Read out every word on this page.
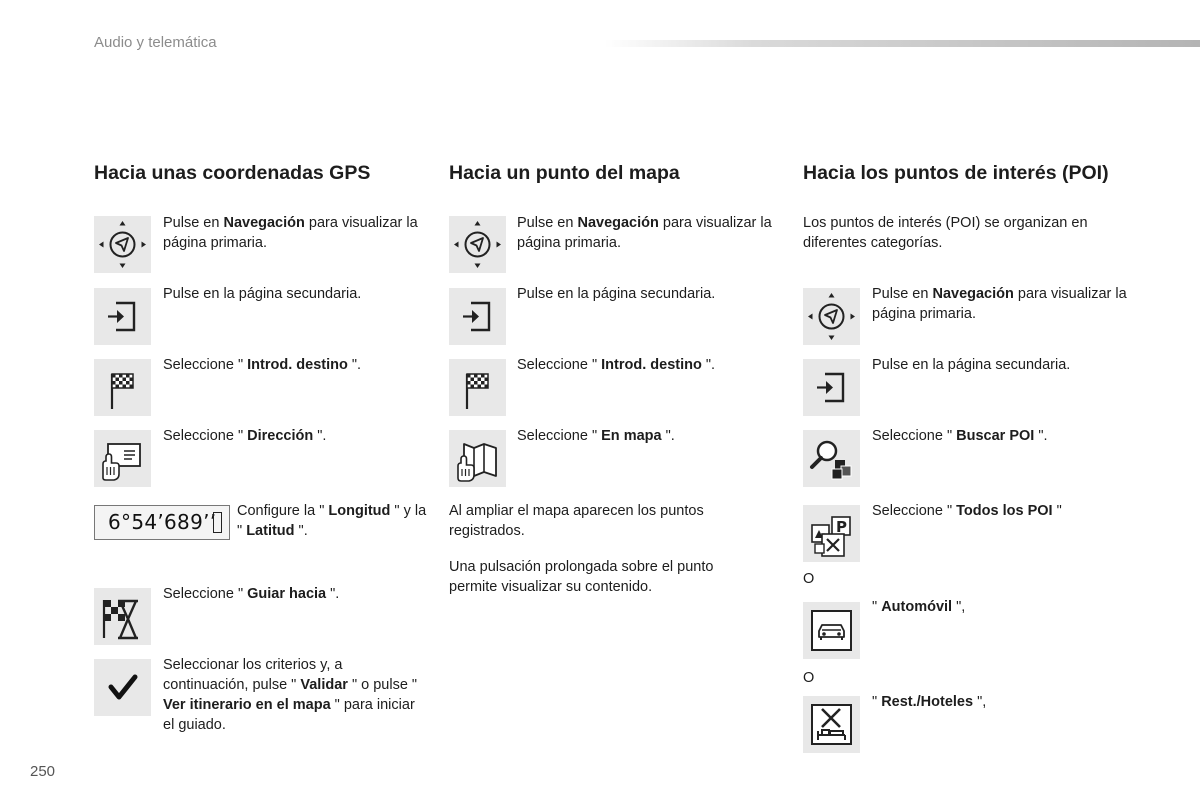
Audio y telemática
Hacia unas coordenadas GPS
Pulse en Navegación para visualizar la página primaria.
Pulse en la página secundaria.
Seleccione " Introd. destino ".
Seleccione " Dirección ".
6°54’689’’	Configure la " Longitud " y la " Latitud ".
Seleccione " Guiar hacia ".
Seleccionar los criterios y, a continuación, pulse " Validar " o pulse " Ver itinerario en el mapa " para iniciar el guiado.
Hacia un punto del mapa
Pulse en Navegación para visualizar la página primaria.
Pulse en la página secundaria.
Seleccione " Introd. destino ".
Seleccione " En mapa ".
Al ampliar el mapa aparecen los puntos registrados.
Una pulsación prolongada sobre el punto permite visualizar su contenido.
Hacia los puntos de interés (POI)
Los puntos de interés (POI) se organizan en diferentes categorías.
Pulse en Navegación para visualizar la página primaria.
Pulse en la página secundaria.
Seleccione " Buscar POI ".
Seleccione " Todos los POI "
O
" Automóvil ",
O
" Rest./Hoteles ",
250
